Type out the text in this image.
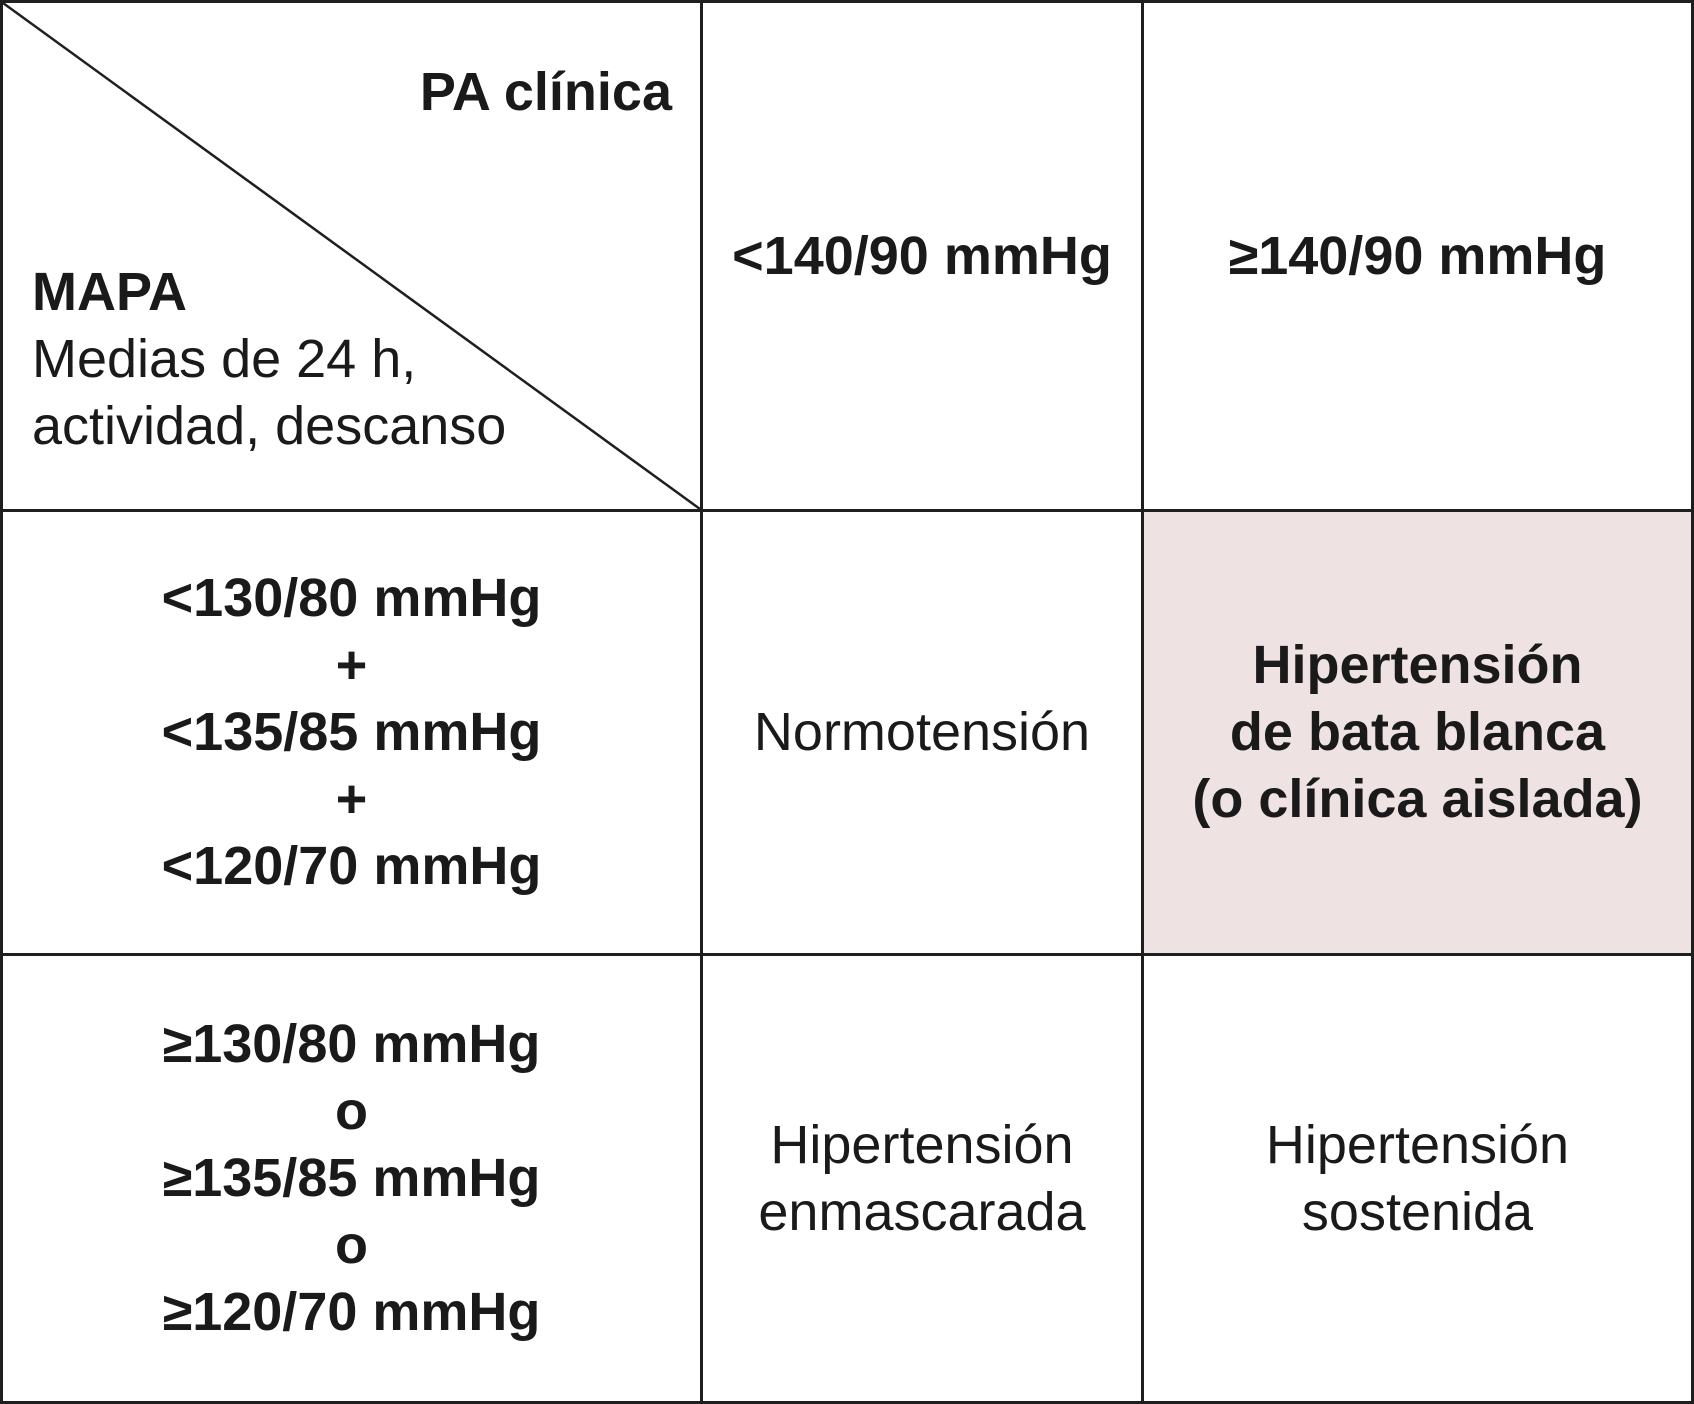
PA clínica
MAPA
Medias de 24 h,
actividad, descanso
<140/90 mmHg ≥140/90 mmHg
<130/80 mmHg
+
<135/85 mmHg
+
<120/70 mmHg
Normotensión
Hipertensión
de bata blanca
(o clínica aislada)
≥130/80 mmHg
o
≥135/85 mmHg
o
≥120/70 mmHg
Hipertensión
enmascarada
Hipertensión
sostenida
